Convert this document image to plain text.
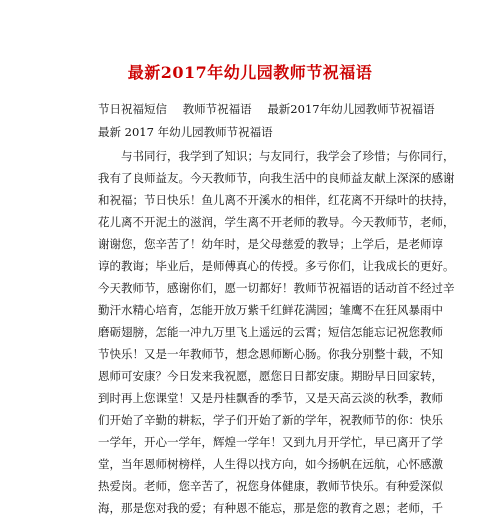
最新2017年幼儿园教师节祝福语
节日祝福短信 教师节祝福语 最新2017年幼儿园教师节祝福语
最新 2017 年幼儿园教师节祝福语
　　与书同行，我学到了知识；与友同行，我学会了珍惜；与你同行，
我有了良师益友。今天教师节，向我生活中的良师益友献上深深的感谢
和祝福；节日快乐！鱼儿离不开溪水的相伴，红花离不开绿叶的扶持，
花儿离不开泥土的滋润，学生离不开老师的教导。今天教师节，老师，
谢谢您，您辛苦了！幼年时，是父母慈爱的教导；上学后，是老师谆
谆的教诲；毕业后，是师傅真心的传授。多亏你们，让我成长的更好。
今天教师节，感谢你们，愿一切都好！教师节祝福语的话动首不经过辛
勤汗水精心培育，怎能开放万紫千红鲜花满园；雏鹰不在狂风暴雨中
磨砺翅膀，怎能一冲九万里飞上遥远的云霄；短信怎能忘记祝您教师
节快乐！又是一年教师节，想念恩师断心肠。你我分别整十载，不知
恩师可安康？今日发来我祝愿，愿您日日都安康。期盼早日回家转，
到时再上您课堂！又是丹桂飘香的季节，又是天高云淡的秋季，教师
们开始了辛勤的耕耘，学子们开始了新的学年，祝教师节的你：快乐
一学年，开心一学年，辉煌一学年！又到九月开学忙，早已离开了学
堂，当年恩师树榜样，人生得以找方向，如今扬帆在远航，心怀感激
热爱岗。老师，您辛苦了，祝您身体健康，教师节快乐。有种爱深似
海，那是您对我的爱；有种恩不能忘，那是您的教育之恩；老师，千
